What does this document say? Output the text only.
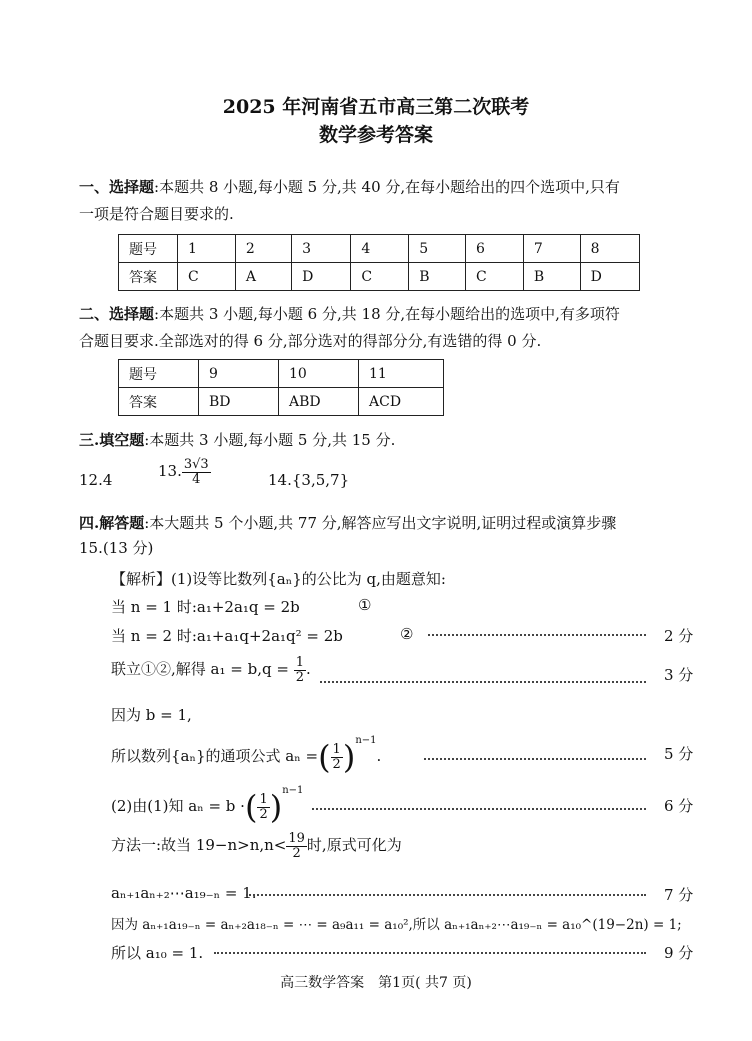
2025 年河南省五市高三第二次联考
数学参考答案
一、选择题:本题共 8 小题,每小题 5 分,共 40 分,在每小题给出的四个选项中,只有
一项是符合题目要求的.
题号	1	2	3	4	5	6	7	8
答案	C	A	D	C	B	C	B	D
二、选择题:本题共 3 小题,每小题 6 分,共 18 分,在每小题给出的选项中,有多项符
合题目要求.全部选对的得 6 分,部分选对的得部分分,有选错的得 0 分.
题号	9	10	11
答案	BD	ABD	ACD
三.填空题:本题共 3 小题,每小题 5 分,共 15 分.
12.4	13. $\frac{3√3}{4}$	14.{3,5,7}
四.解答题:本大题共 5 个小题,共 77 分,解答应写出文字说明,证明过程或演算步骤
15.(13 分)
【解析】(1)设等比数列{aₙ}的公比为 q,由题意知:
当 n = 1 时:a₁+2a₁q = 2b	①
当 n = 2 时:a₁+a₁q+2a₁q² = 2b	②	2 分
联立①②,解得 $a_1 = b,q = \frac{1}{2}$ .	3 分
因为 b = 1,
所以数列{aₙ}的通项公式 aₙ =( $\frac{1}{2} )^{n-1}$.	5 分
(2)由(1)知 aₙ = b ·( $\frac{1}{2} )^{n-1}$
6 分
方法一:故当 $19-n>n,n< \frac{19}{2}$ 时,原式可化为
aₙ₊₁aₙ₊₂⋯a₁₉₋ₙ = 1.	7 分
因为 aₙ₊₁a₁₉₋ₙ = aₙ₊₂a₁₈₋ₙ = ⋯ = a₉a₁₁ = a₁₀²,所以 aₙ₊₁aₙ₊₂⋯a₁₉₋ₙ = a₁₀^(19−2n) = 1;
所以 a₁₀ = 1.	9 分
高三数学答案　第1页( 共7 页)
